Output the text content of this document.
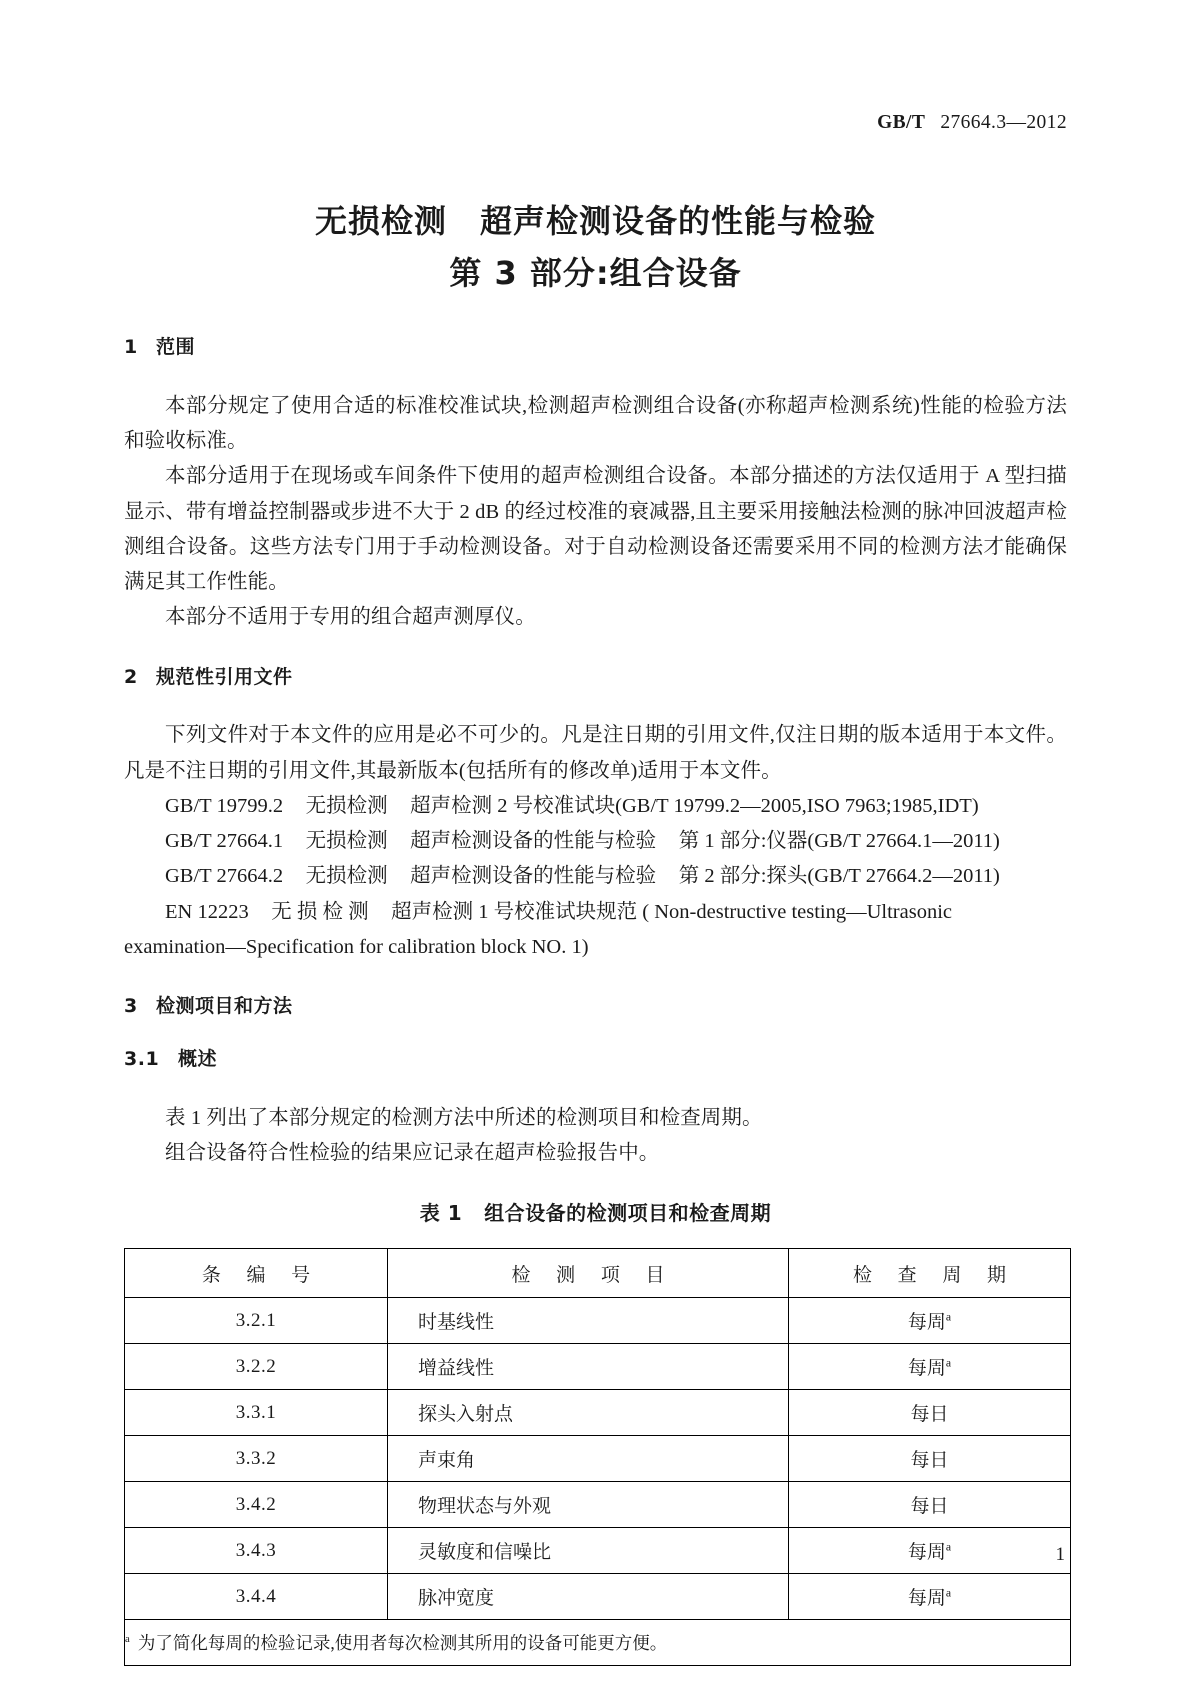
GB/T 27664.3—2012
无损检测　超声检测设备的性能与检验
第 3 部分:组合设备
1 范围

本部分规定了使用合适的标准校准试块,检测超声检测组合设备(亦称超声检测系统)性能的检验方法和验收标准。

本部分适用于在现场或车间条件下使用的超声检测组合设备。本部分描述的方法仅适用于 A 型扫描显示、带有增益控制器或步进不大于 2 dB 的经过校准的衰减器,且主要采用接触法检测的脉冲回波超声检测组合设备。这些方法专门用于手动检测设备。对于自动检测设备还需要采用不同的检测方法才能确保满足其工作性能。

本部分不适用于专用的组合超声测厚仪。

2 规范性引用文件

下列文件对于本文件的应用是必不可少的。凡是注日期的引用文件,仅注日期的版本适用于本文件。凡是不注日期的引用文件,其最新版本(包括所有的修改单)适用于本文件。

GB/T 19799.2 无损检测 超声检测 2 号校准试块(GB/T 19799.2—2005,ISO 7963;1985,IDT)

GB/T 27664.1 无损检测 超声检测设备的性能与检验 第 1 部分:仪器(GB/T 27664.1—2011)

GB/T 27664.2 无损检测 超声检测设备的性能与检验 第 2 部分:探头(GB/T 27664.2—2011)

EN 12223 无 损 检 测 超声检测 1 号校准试块规范 ( Non-destructive testing—Ultrasonic

examination—Specification for calibration block NO. 1)

3 检测项目和方法
3.1 概述

表 1 列出了本部分规定的检测方法中所述的检测项目和检查周期。

组合设备符合性检验的结果应记录在超声检验报告中。

表 1 组合设备的检测项目和检查周期

条 编 号	检 测 项 目	检 查 周 期
3.2.1	时基线性	每周$^a$
3.2.2	增益线性	每周$^a$
3.3.1	探头入射点	每日
3.3.2	声束角	每日
3.4.2	物理状态与外观	每日
3.4.3	灵敏度和信噪比	每周$^a$
3.4.4	脉冲宽度	每周$^a$
$^a$ 为了简化每周的检验记录,使用者每次检测其所用的设备可能更方便。		
1
